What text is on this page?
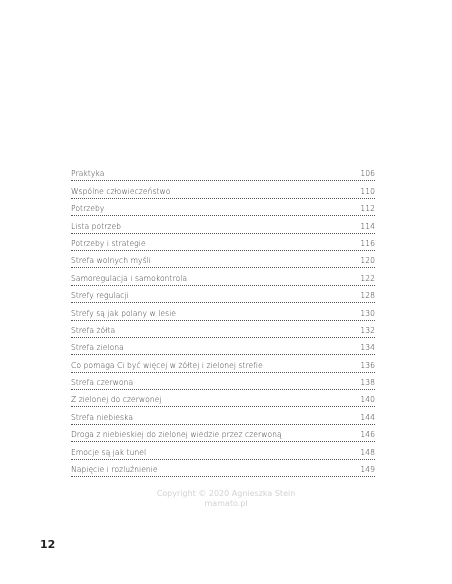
Praktyka	106
Wspólne człowieczeństwo	110
Potrzeby	112
Lista potrzeb	114
Potrzeby i strategie	116
Strefa wolnych myśli	120
Samoregulacja i samokontrola	122
Strefy regulacji	128
Strefy są jak polany w lesie	130
Strefa żółta	132
Strefa zielona	134
Co pomaga Ci być więcej w żółtej i zielonej strefie	136
Strefa czerwona	138
Z zielonej do czerwonej	140
Strefa niebieska	144
Droga z niebieskiej do zielonej wiedzie przez czerwoną	146
Emocje są jak tunel	148
Napięcie i rozluźnienie	149
Copyright © 2020 Agnieszka Stein
mamato.pl
12
